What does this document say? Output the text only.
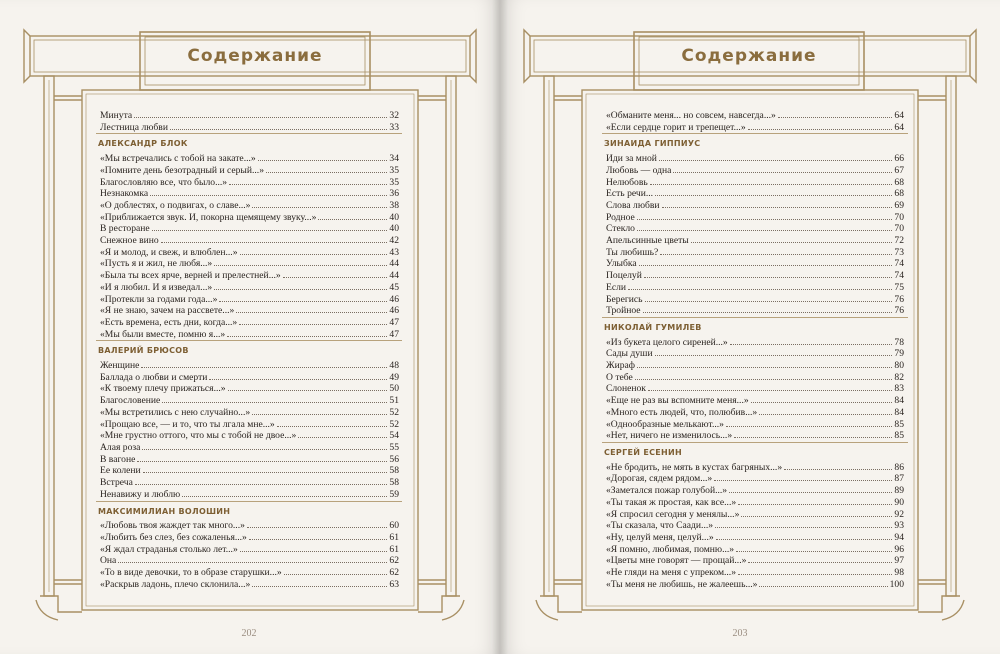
Содержание
Минута	32
Лестница любви	33
АЛЕКСАНДР БЛОК
«Мы встречались с тобой на закате...»	34
«Помните день безотрадный и серый...»	35
Благословляю все, что было...»	35
Незнакомка	36
«О доблестях, о подвигах, о славе...»	38
«Приближается звук. И, покорна щемящему звуку...»	40
В ресторане	40
Снежное вино	42
«Я и молод, и свеж, и влюблен...»	43
«Пусть я и жил, не любя...»	44
«Была ты всех ярче, верней и прелестней...»	44
«И я любил. И я изведал...»	45
«Протекли за годами года...»	46
«Я не знаю, зачем на рассвете...»	46
«Есть времена, есть дни, когда...»	47
«Мы были вместе, помню я...»	47
ВАЛЕРИЙ БРЮСОВ
Женщине	48
Баллада о любви и смерти	49
«К твоему плечу прижаться...»	50
Благословение	51
«Мы встретились с нею случайно...»	52
«Прощаю все, — и то, что ты лгала мне...»	52
«Мне грустно оттого, что мы с тобой не двое...»	54
Алая роза	55
В вагоне	56
Ее колени	58
Встреча	58
Ненавижу и люблю	59
МАКСИМИЛИАН ВОЛОШИН
«Любовь твоя жаждет так много...»	60
«Любить без слез, без сожаленья...»	61
«Я ждал страданья столько лет...»	61
Она	62
«То в виде девочки, то в образе старушки...»	62
«Раскрыв ладонь, плечо склонила...»	63
202
Содержание
«Обманите меня... но совсем, навсегда...»	64
«Если сердце горит и трепещет...»	64
ЗИНАИДА ГИППИУС
Иди за мной	66
Любовь — одна	67
Нелюбовь	68
Есть речи...	68
Слова любви	69
Родное	70
Стекло	70
Апельсинные цветы	72
Ты любишь?	73
Улыбка	74
Поцелуй	74
Если	75
Берегись	76
Тройное	76
НИКОЛАЙ ГУМИЛЕВ
«Из букета целого сиреней...»	78
Сады души	79
Жираф	80
О тебе	82
Слоненок	83
«Еще не раз вы вспомните меня...»	84
«Много есть людей, что, полюбив...»	84
«Однообразные мелькают...»	85
«Нет, ничего не изменилось...»	85
СЕРГЕЙ ЕСЕНИН
«Не бродить, не мять в кустах багряных...»	86
«Дорогая, сядем рядом...»	87
«Заметался пожар голубой...»	89
«Ты такая ж простая, как все...»	90
«Я спросил сегодня у менялы...»	92
«Ты сказала, что Саади...»	93
«Ну, целуй меня, целуй...»	94
«Я помню, любимая, помню...»	96
«Цветы мне говорят — прощай...»	97
«Не гляди на меня с упреком...»	98
«Ты меня не любишь, не жалеешь...»	100
203
